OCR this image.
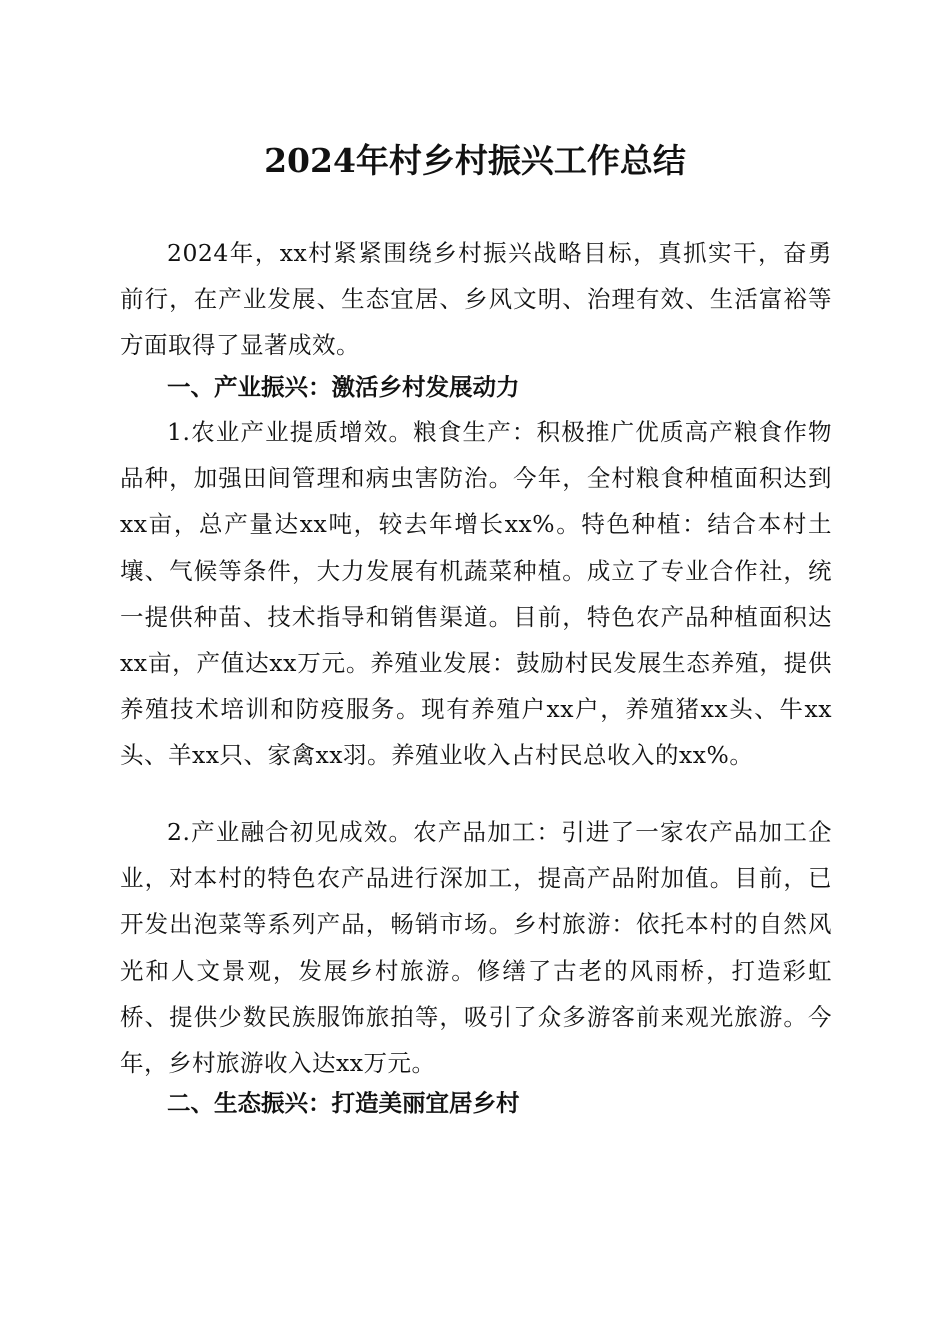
2024年村乡村振兴工作总结

2024年，xx村紧紧围绕乡村振兴战略目标，真抓实干，奋勇前行，在产业发展、生态宜居、乡风文明、治理有效、生活富裕等方面取得了显著成效。

一、产业振兴：激活乡村发展动力

1.农业产业提质增效。粮食生产：积极推广优质高产粮食作物品种，加强田间管理和病虫害防治。今年，全村粮食种植面积达到xx亩，总产量达xx吨，较去年增长xx%。特色种植：结合本村土壤、气候等条件，大力发展有机蔬菜种植。成立了专业合作社，统一提供种苗、技术指导和销售渠道。目前，特色农产品种植面积达xx亩，产值达xx万元。养殖业发展：鼓励村民发展生态养殖，提供养殖技术培训和防疫服务。现有养殖户xx户，养殖猪xx头、牛xx头、羊xx只、家禽xx羽。养殖业收入占村民总收入的xx%。

2.产业融合初见成效。农产品加工：引进了一家农产品加工企业，对本村的特色农产品进行深加工，提高产品附加值。目前，已开发出泡菜等系列产品，畅销市场。乡村旅游：依托本村的自然风光和人文景观，发展乡村旅游。修缮了古老的风雨桥，打造彩虹桥、提供少数民族服饰旅拍等，吸引了众多游客前来观光旅游。今年，乡村旅游收入达xx万元。

二、生态振兴：打造美丽宜居乡村
